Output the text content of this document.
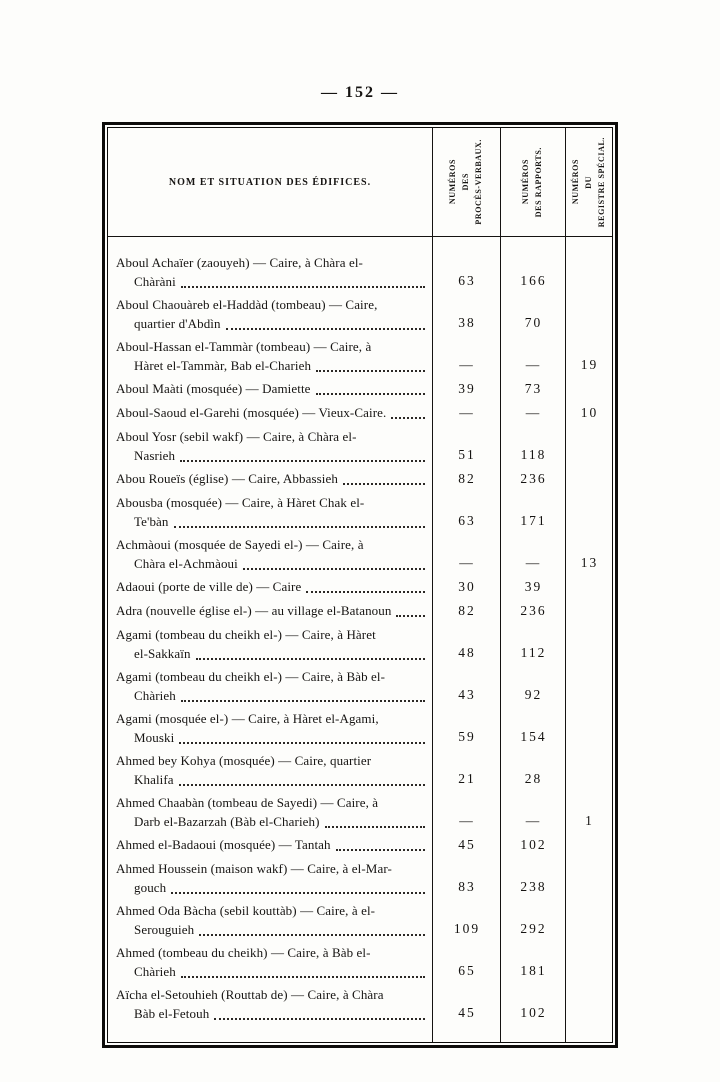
— 152 —
NOM ET SITUATION DES ÉDIFICES.	NUMÉROS DES PROCÈS-VERBAUX.	NUMÉROS DES RAPPORTS.	NUMÉROS DU REGISTRE SPÉCIAL.
Aboul Achaïer (zaouyeh) — Caire, à Chàra el-
Chàràni	63	166
Aboul Chaouàreb el-Haddàd (tombeau) — Caire,
quartier d'Abdìn	38	70
Aboul-Hassan el-Tammàr (tombeau) — Caire, à
Hàret el-Tammàr, Bab el-Charieh	—	—	19
Aboul Maàti (mosquée) — Damiette	39	73
Aboul-Saoud el-Garehi (mosquée) — Vieux-Caire.	—	—	10
Aboul Yosr (sebil wakf) — Caire, à Chàra el-
Nasrieh	51	118
Abou Roueïs (église) — Caire, Abbassieh	82	236
Abousba (mosquée) — Caire, à Hàret Chak el-
Te'bàn	63	171
Achmàoui (mosquée de Sayedi el-) — Caire, à
Chàra el-Achmàoui	—	—	13
Adaoui (porte de ville de) — Caire	30	39
Adra (nouvelle église el-) — au village el-Batanoun	82	236
Agami (tombeau du cheikh el-) — Caire, à Hàret
el-Sakkaïn	48	112
Agami (tombeau du cheikh el-) — Caire, à Bàb el-
Chàrieh	43	92
Agami (mosquée el-) — Caire, à Hàret el-Agami,
Mouski	59	154
Ahmed bey Kohya (mosquée) — Caire, quartier
Khalifa	21	28
Ahmed Chaabàn (tombeau de Sayedi) — Caire, à
Darb el-Bazarzah (Bàb el-Charieh)	—	—	1
Ahmed el-Badaoui (mosquée) — Tantah	45	102
Ahmed Houssein (maison wakf) — Caire, à el-Mar-
gouch	83	238
Ahmed Oda Bàcha (sebil kouttàb) — Caire, à el-
Serouguieh	109	292
Ahmed (tombeau du cheikh) — Caire, à Bàb el-
Chàrieh	65	181
Aïcha el-Setouhieh (Routtab de) — Caire, à Chàra
Bàb el-Fetouh	45	102
